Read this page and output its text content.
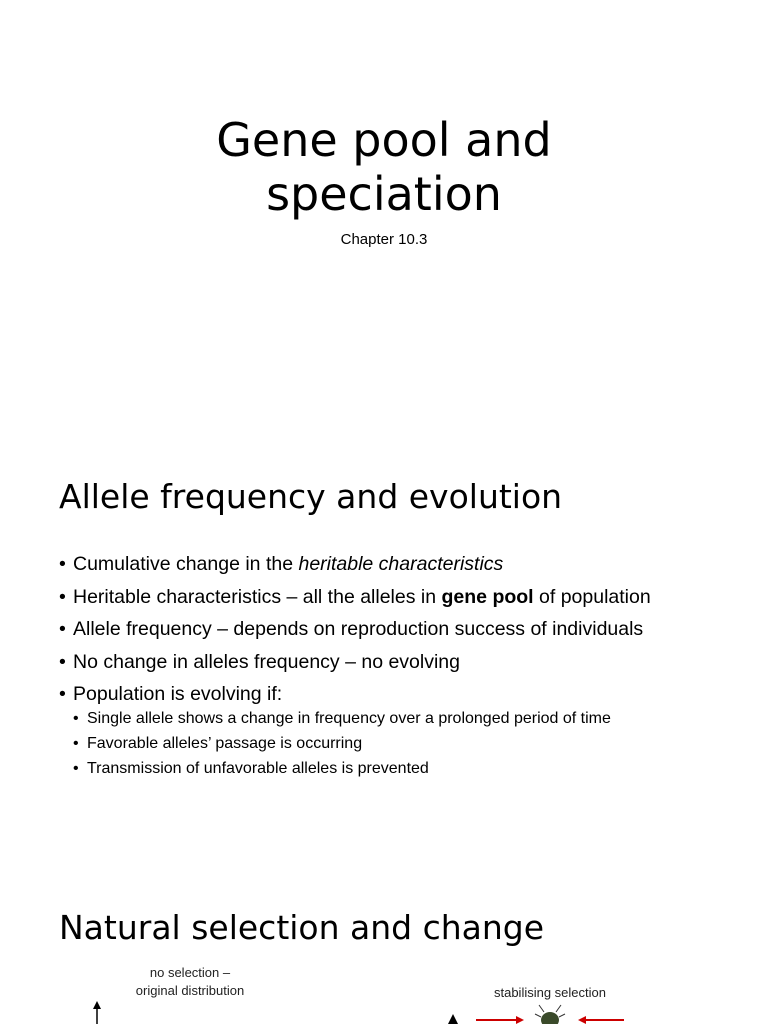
Gene pool and
speciation

Chapter 10.3

Allele frequency and evolution
• Cumulative change in the heritable characteristics
• Heritable characteristics – all the alleles in gene pool of population
• Allele frequency – depends on reproduction success of individuals
• No change in alleles frequency – no evolving
• Population is evolving if:
• Single allele shows a change in frequency over a prolonged period of time
• Favorable alleles’ passage is occurring
• Transmission of unfavorable alleles is prevented
Natural selection and change
no selection –
original distribution	stabilising selection
